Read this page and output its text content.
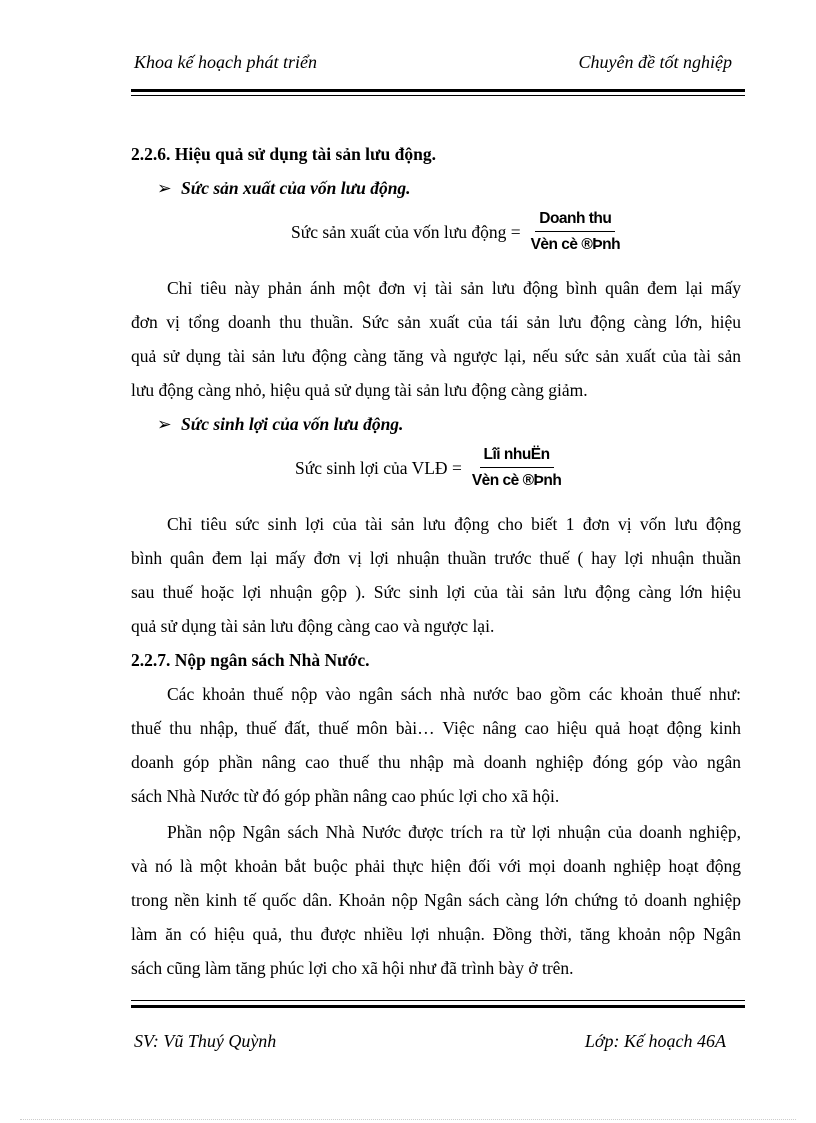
Khoa kế hoạch phát triển	Chuyên đề tốt nghiệp
2.2.6. Hiệu quả sử dụng tài sản lưu động.
➢ Sức sản xuất của vốn lưu động.
Sức sản xuất của vốn lưu động = $\frac{\text{Doanh thu}}{\text{Vèn cè ®Þnh}}$
Chỉ tiêu này phản ánh một đơn vị tài sản lưu động bình quân đem lại mấy
đơn vị tổng doanh thu thuần. Sức sản xuất của tái sản lưu động càng lớn, hiệu
quả sử dụng tài sản lưu động càng tăng và ngược lại, nếu sức sản xuất của tài sản
lưu động càng nhỏ, hiệu quả sử dụng tài sản lưu động càng giảm.
➢ Sức sinh lợi của vốn lưu động.
Sức sinh lợi của VLĐ = $\frac{\text{Lîi nhuËn}}{\text{Vèn cè ®Þnh}}$
Chỉ tiêu sức sinh lợi của tài sản lưu động cho biết 1 đơn vị vốn lưu động
bình quân đem lại mấy đơn vị lợi nhuận thuần trước thuế ( hay lợi nhuận thuần
sau thuế hoặc lợi nhuận gộp ). Sức sinh lợi của tài sản lưu động càng lớn hiệu
quả sử dụng tài sản lưu động càng cao và ngược lại.
2.2.7. Nộp ngân sách Nhà Nước.
Các khoản thuế nộp vào ngân sách nhà nước bao gồm các khoản thuế như:
thuế thu nhập, thuế đất, thuế môn bài… Việc nâng cao hiệu quả hoạt động kinh
doanh góp phần nâng cao thuế thu nhập mà doanh nghiệp đóng góp vào ngân
sách Nhà Nước từ đó góp phần nâng cao phúc lợi cho xã hội.
Phần nộp Ngân sách Nhà Nước được trích ra từ lợi nhuận của doanh nghiệp,
và nó là một khoản bắt buộc phải thực hiện đối với mọi doanh nghiệp hoạt động
trong nền kinh tế quốc dân. Khoản nộp Ngân sách càng lớn chứng tỏ doanh nghiệp
làm ăn có hiệu quả, thu được nhiều lợi nhuận. Đồng thời, tăng khoản nộp Ngân
sách cũng làm tăng phúc lợi cho xã hội như đã trình bày ở trên.
SV: Vũ Thuý Quỳnh	Lớp: Kế hoạch 46A
